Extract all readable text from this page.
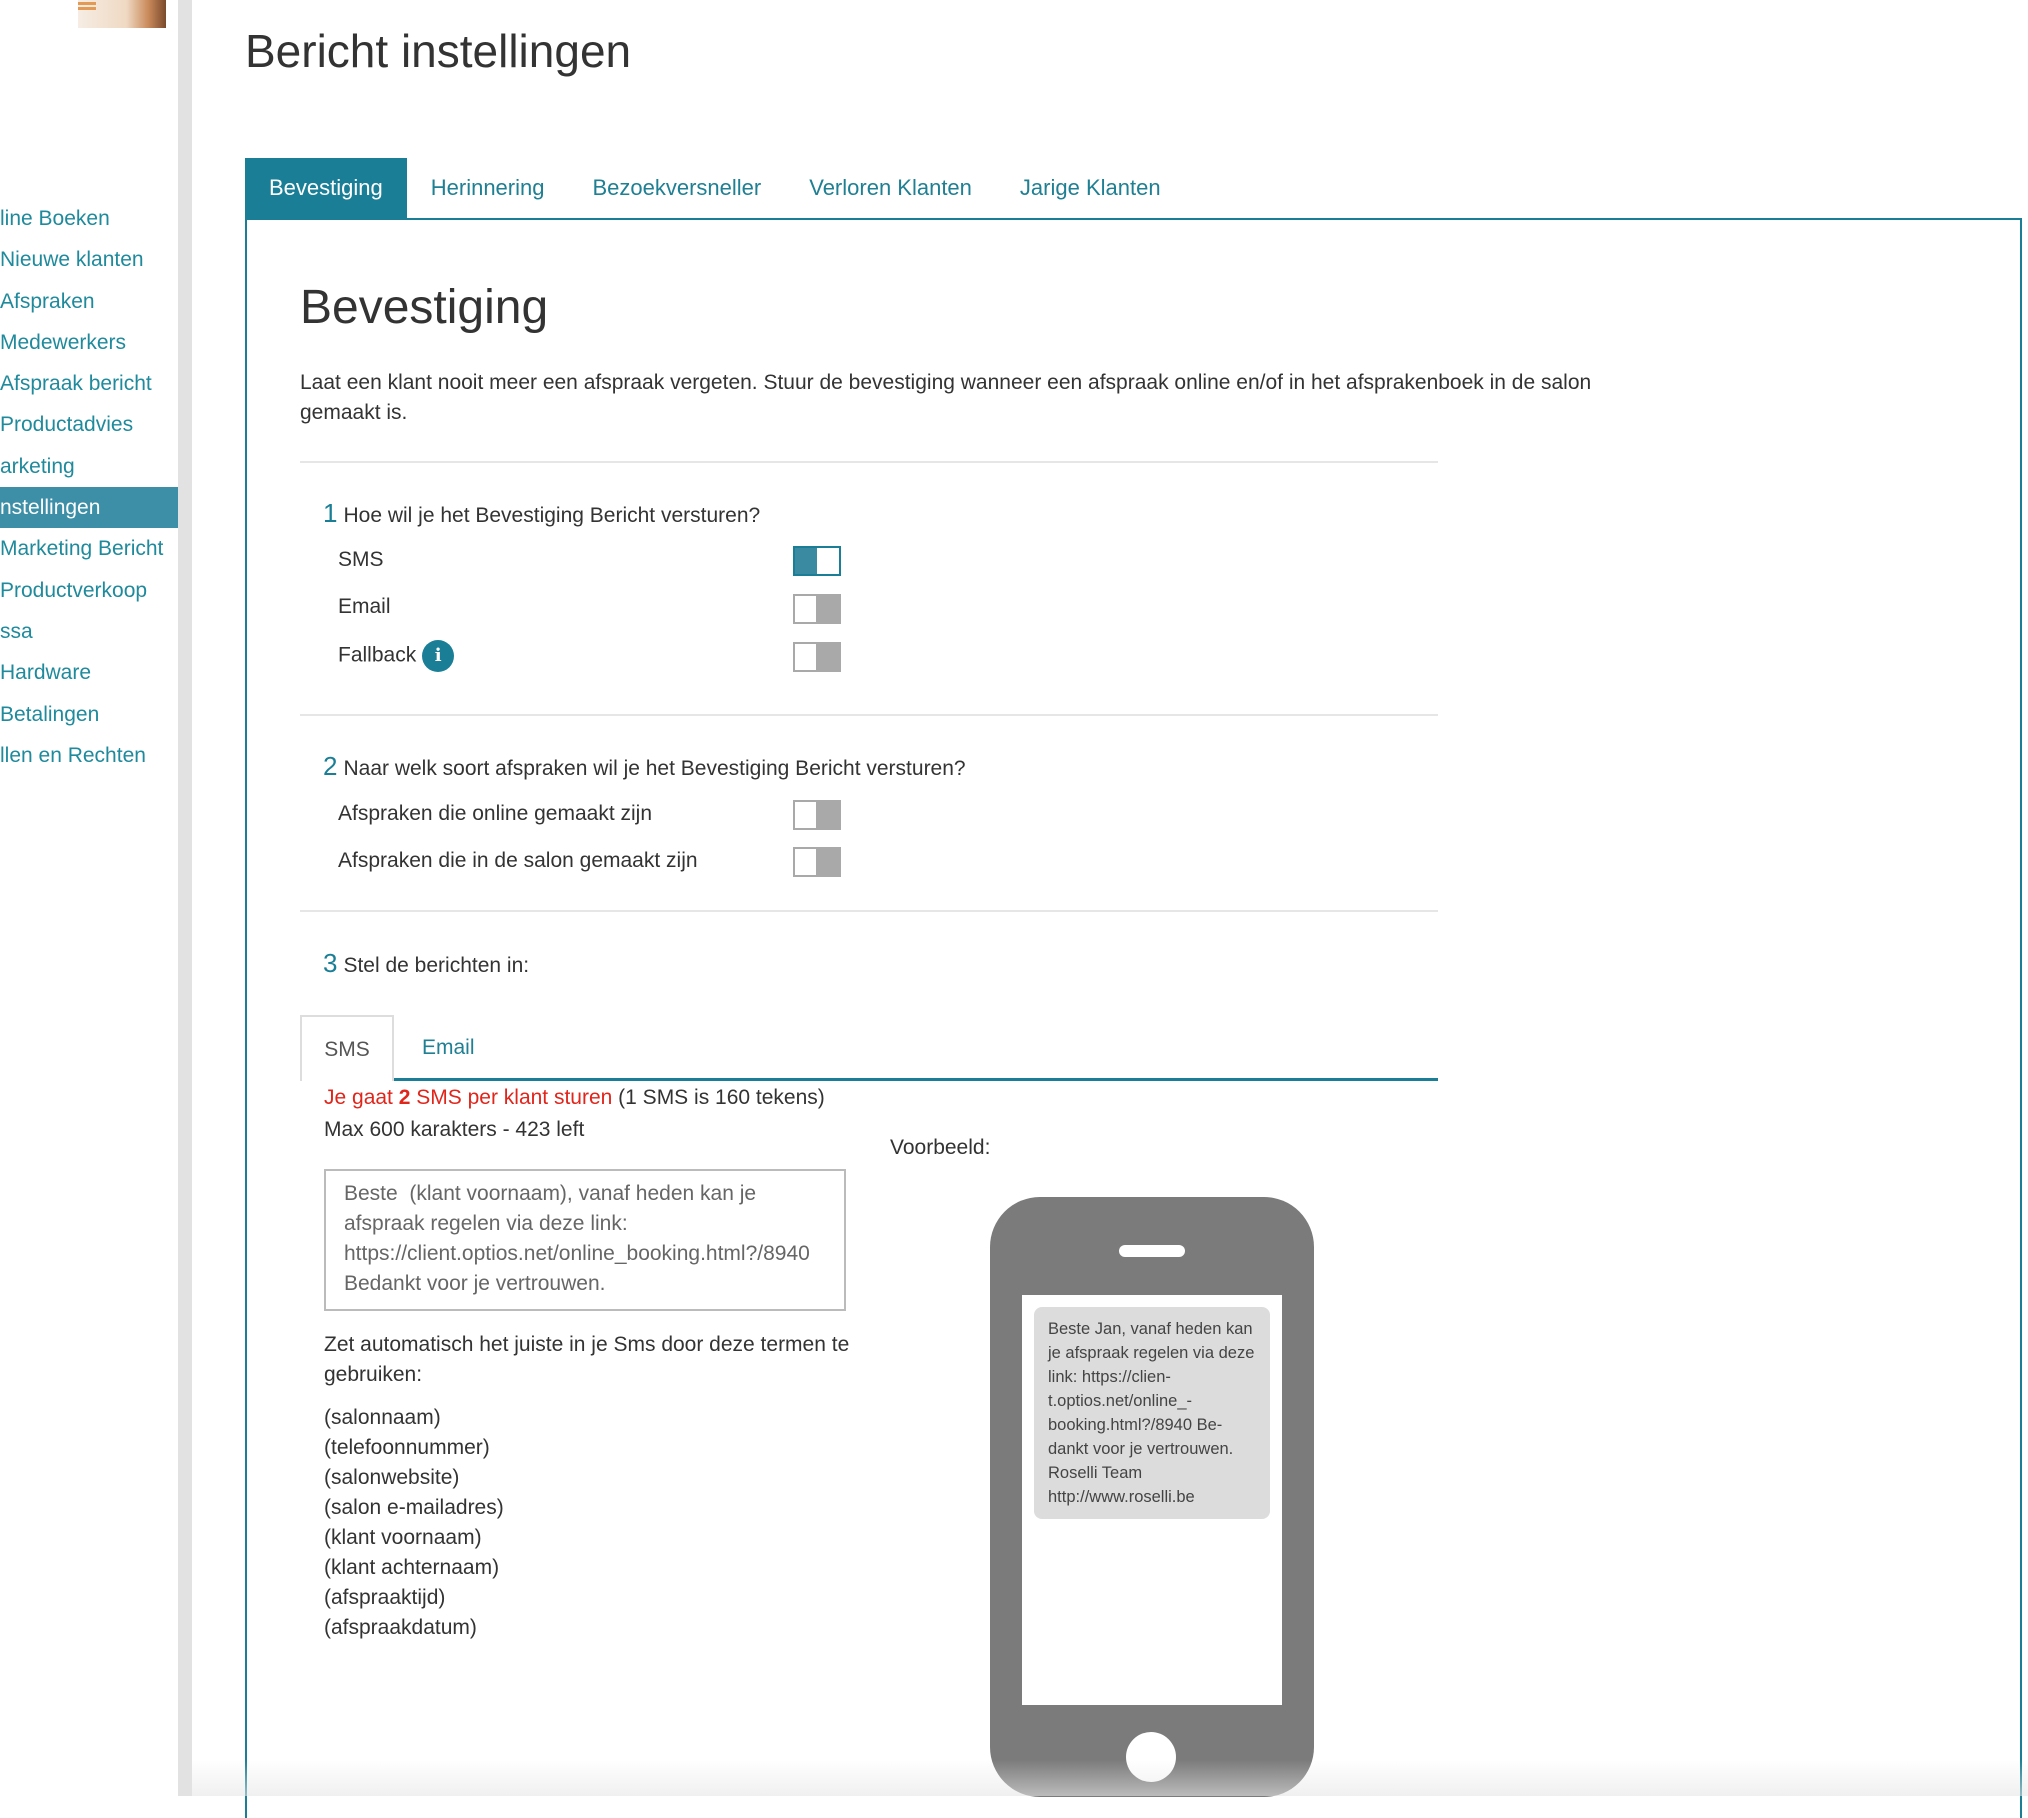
line Boeken
Nieuwe klanten
Afspraken
Medewerkers
Afspraak bericht
Productadvies
arketing
nstellingen
Marketing Bericht
Productverkoop
ssa
Hardware
Betalingen
llen en Rechten
Bericht instellingen
Bevestiging	Herinnering	Bezoekversneller	Verloren Klanten	Jarige Klanten
Bevestiging

Laat een klant nooit meer een afspraak vergeten. Stuur de bevestiging wanneer een afspraak online en/of in het afsprakenboek in de salon gemaakt is.

1 Hoe wil je het Bevestiging Bericht versturen?
SMS
Email
Fallback i
2 Naar welk soort afspraken wil je het Bevestiging Bericht versturen?
Afspraken die online gemaakt zijn
Afspraken die in de salon gemaakt zijn
3 Stel de berichten in:
SMS	Email
Je gaat 2 SMS per klant sturen (1 SMS is 160 tekens)
Max 600 karakters - 423 left
Beste  (klant voornaam), vanaf heden kan je afspraak regelen via deze link: https://client.optios.net/online_booking.html?/8940
Bedankt voor je vertrouwen.

Zet automatisch het juiste in je Sms door deze termen te gebruiken:

(salonnaam)
(telefoonnummer)
(salonwebsite)
(salon e-mailadres)
(klant voornaam)
(klant achternaam)
(afspraaktijd)
(afspraakdatum)
Voorbeeld:
Beste Jan, vanaf heden kan je afspraak regelen via deze link: https://clien-t.optios.net/online_-booking.html?/8940 Be-dankt voor je vertrouwen. Roselli Team http://www.roselli.be
